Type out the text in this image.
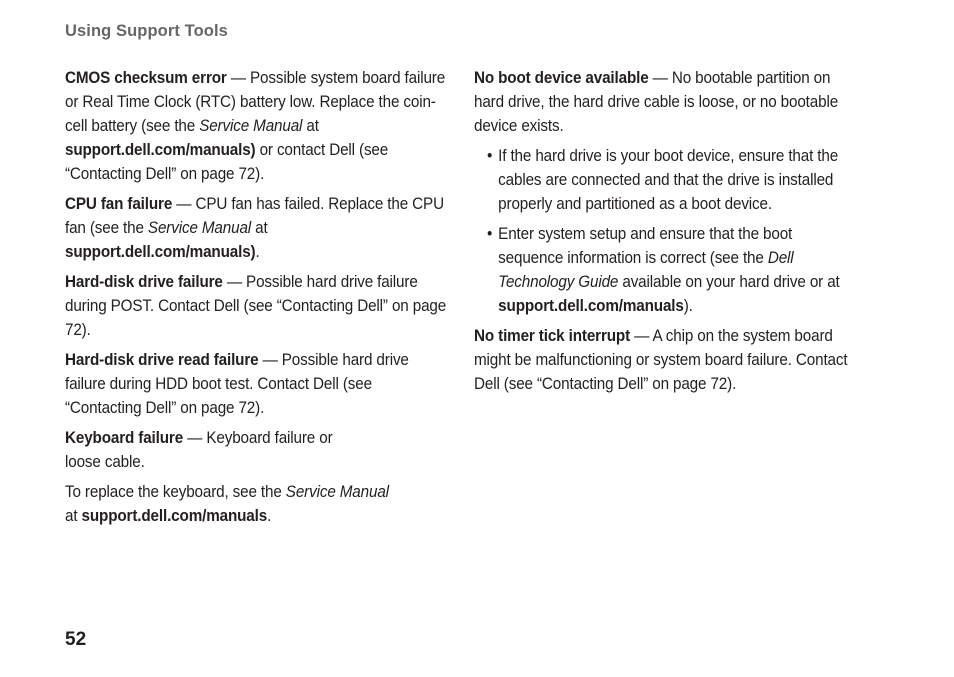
Using Support Tools

CMOS checksum error — Possible system board failure or Real Time Clock (RTC) battery low. Replace the coin-cell battery (see the Service Manual at support.dell.com/manuals) or contact Dell (see “Contacting Dell” on page 72).

CPU fan failure — CPU fan has failed. Replace the CPU fan (see the Service Manual at
support.dell.com/manuals).

Hard-disk drive failure — Possible hard drive failure during POST. Contact Dell (see “Contacting Dell” on page 72).

Hard-disk drive read failure — Possible hard drive failure during HDD boot test. Contact Dell (see “Contacting Dell” on page 72).

Keyboard failure — Keyboard failure or loose cable.

To replace the keyboard, see the Service Manual at support.dell.com/manuals.

No boot device available — No bootable partition on hard drive, the hard drive cable is loose, or no bootable device exists.

• If the hard drive is your boot device, ensure that the cables are connected and that the drive is installed properly and partitioned as a boot device.
• Enter system setup and ensure that the boot sequence information is correct (see the Dell Technology Guide available on your hard drive or at support.dell.com/manuals).

No timer tick interrupt — A chip on the system board might be malfunctioning or system board failure. Contact Dell (see “Contacting Dell” on page 72).

52
